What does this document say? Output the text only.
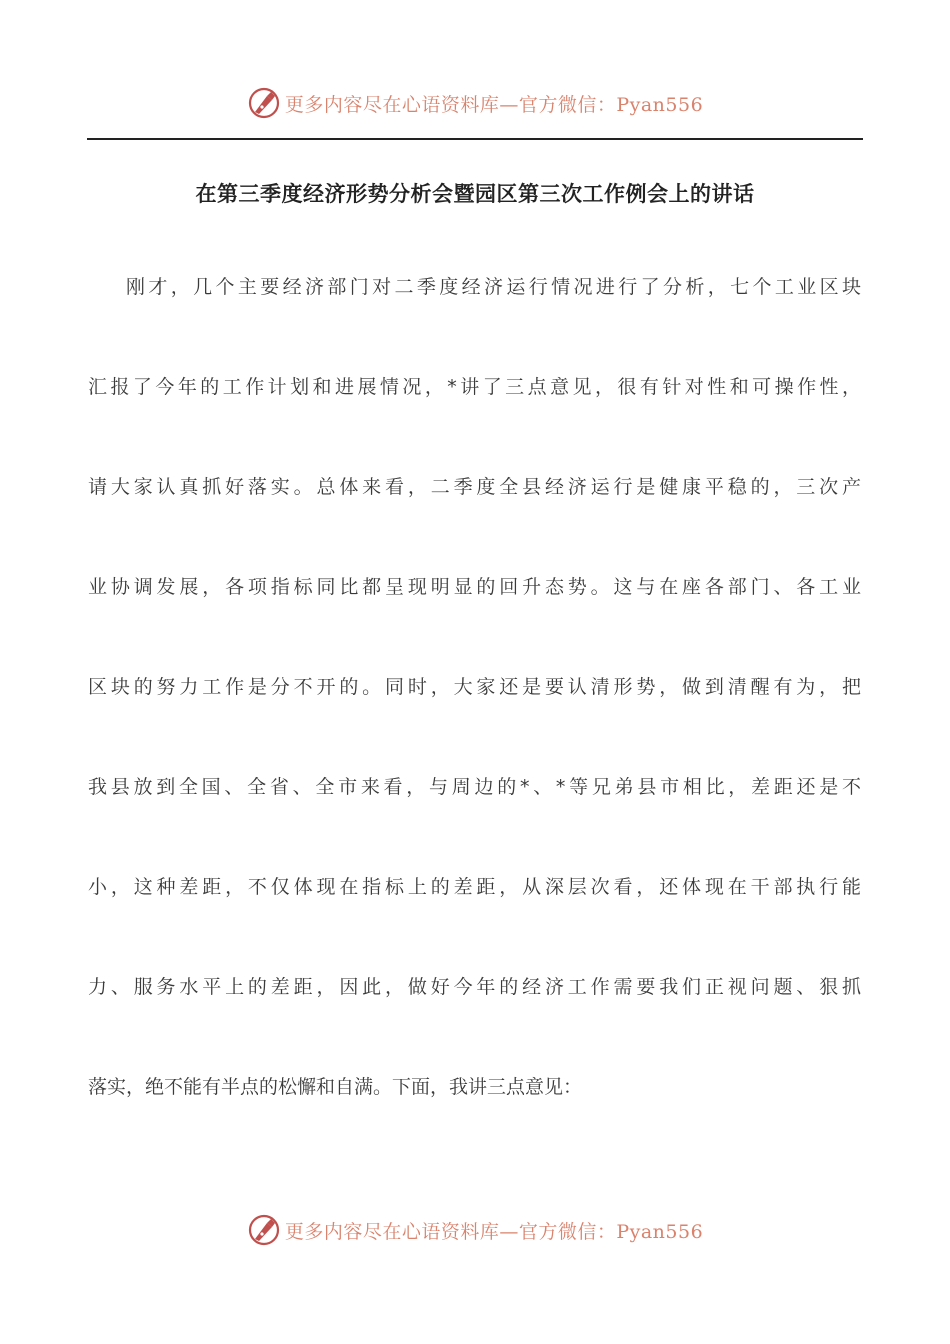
更多内容尽在心语资料库—官方微信：Pyan556
在第三季度经济形势分析会暨园区第三次工作例会上的讲话
刚才，几个主要经济部门对二季度经济运行情况进行了分析，七个工业区块
汇报了今年的工作计划和进展情况，*讲了三点意见，很有针对性和可操作性，
请大家认真抓好落实。总体来看，二季度全县经济运行是健康平稳的，三次产
业协调发展，各项指标同比都呈现明显的回升态势。这与在座各部门、各工业
区块的努力工作是分不开的。同时，大家还是要认清形势，做到清醒有为，把
我县放到全国、全省、全市来看，与周边的*、*等兄弟县市相比，差距还是不
小，这种差距，不仅体现在指标上的差距，从深层次看，还体现在干部执行能
力、服务水平上的差距，因此，做好今年的经济工作需要我们正视问题、狠抓
落实，绝不能有半点的松懈和自满。下面，我讲三点意见：
更多内容尽在心语资料库—官方微信：Pyan556
